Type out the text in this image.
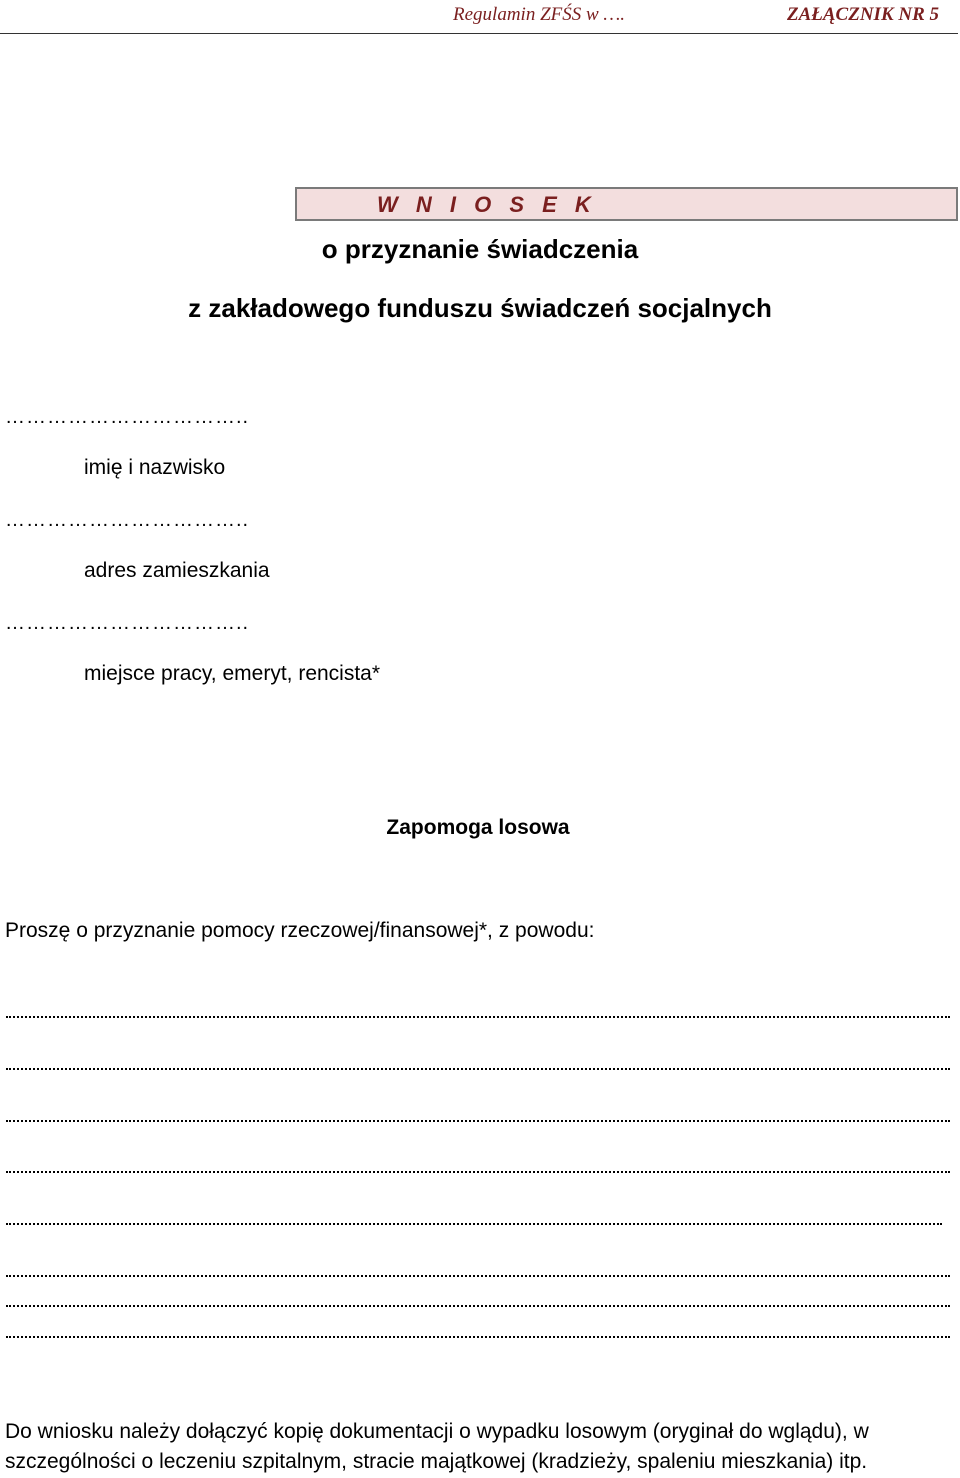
Regulamin ZFŚS w ….	ZAŁĄCZNIK NR 5
W N I O S E K
o przyznanie świadczenia
z zakładowego funduszu świadczeń socjalnych
……………………………..
imię i nazwisko
……………………………..
adres zamieszkania
……………………………..
miejsce pracy, emeryt, rencista*
Zapomoga losowa
Proszę o przyznanie pomocy rzeczowej/finansowej*, z powodu:
Do wniosku należy dołączyć kopię dokumentacji o wypadku losowym (oryginał do wglądu), w
szczególności o leczeniu szpitalnym, stracie majątkowej (kradzieży, spaleniu mieszkania) itp.
